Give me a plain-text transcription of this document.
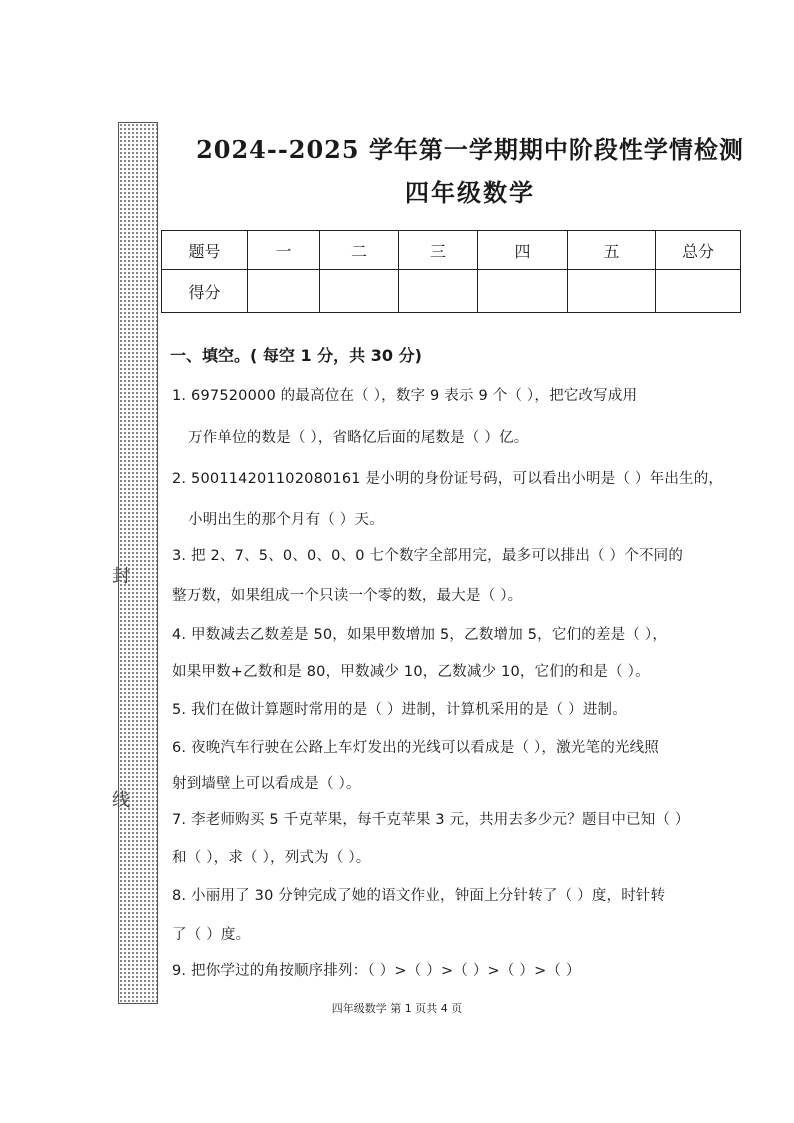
封
线
2024--2025 学年第一学期期中阶段性学情检测
四年级数学
题号	一	二	三	四	五	总分
得分						
一、填空。( 每空 1 分，共 30 分)
1. 697520000 的最高位在（ ），数字 9 表示 9 个（ ），把它改写成用
万作单位的数是（ ），省略亿后面的尾数是（ ）亿。
2. 500114201102080161 是小明的身份证号码，可以看出小明是（ ）年出生的，
小明出生的那个月有（ ）天。
3. 把 2、7、5、0、0、0、0 七个数字全部用完，最多可以排出（ ）个不同的
整万数，如果组成一个只读一个零的数，最大是（ ）。
4. 甲数减去乙数差是 50，如果甲数增加 5，乙数增加 5，它们的差是（ ），
如果甲数+乙数和是 80，甲数减少 10，乙数减少 10，它们的和是（ ）。
5. 我们在做计算题时常用的是（ ）进制，计算机采用的是（ ）进制。
6. 夜晚汽车行驶在公路上车灯发出的光线可以看成是（ ），激光笔的光线照
射到墙壁上可以看成是（ ）。
7. 李老师购买 5 千克苹果，每千克苹果 3 元，共用去多少元？题目中已知（ ）
和（ ），求（ ），列式为（ ）。
8. 小丽用了 30 分钟完成了她的语文作业，钟面上分针转了（ ）度，时针转
了（ ）度。
9. 把你学过的角按顺序排列：（ ）>（ ）>（ ）>（ ）>（ ）
四年级数学 第 1 页共 4 页
